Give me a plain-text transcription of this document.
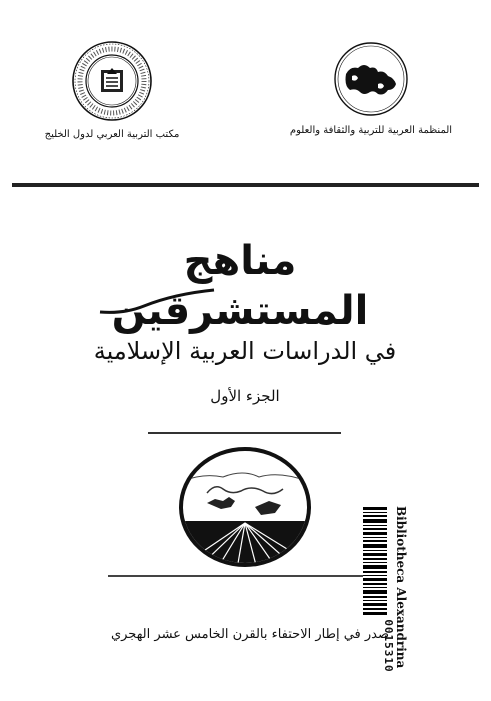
المنظمة العربية للتربية والثقافة والعلوم
مكتب التربية العربي لدول الخليج
مناهج المستشرقين
في الدراسات العربية الإسلامية
الجزء الأول
صدر في إطار الاحتفاء بالقرن الخامس عشر الهجري
0015310 Bibliotheca Alexandrina
